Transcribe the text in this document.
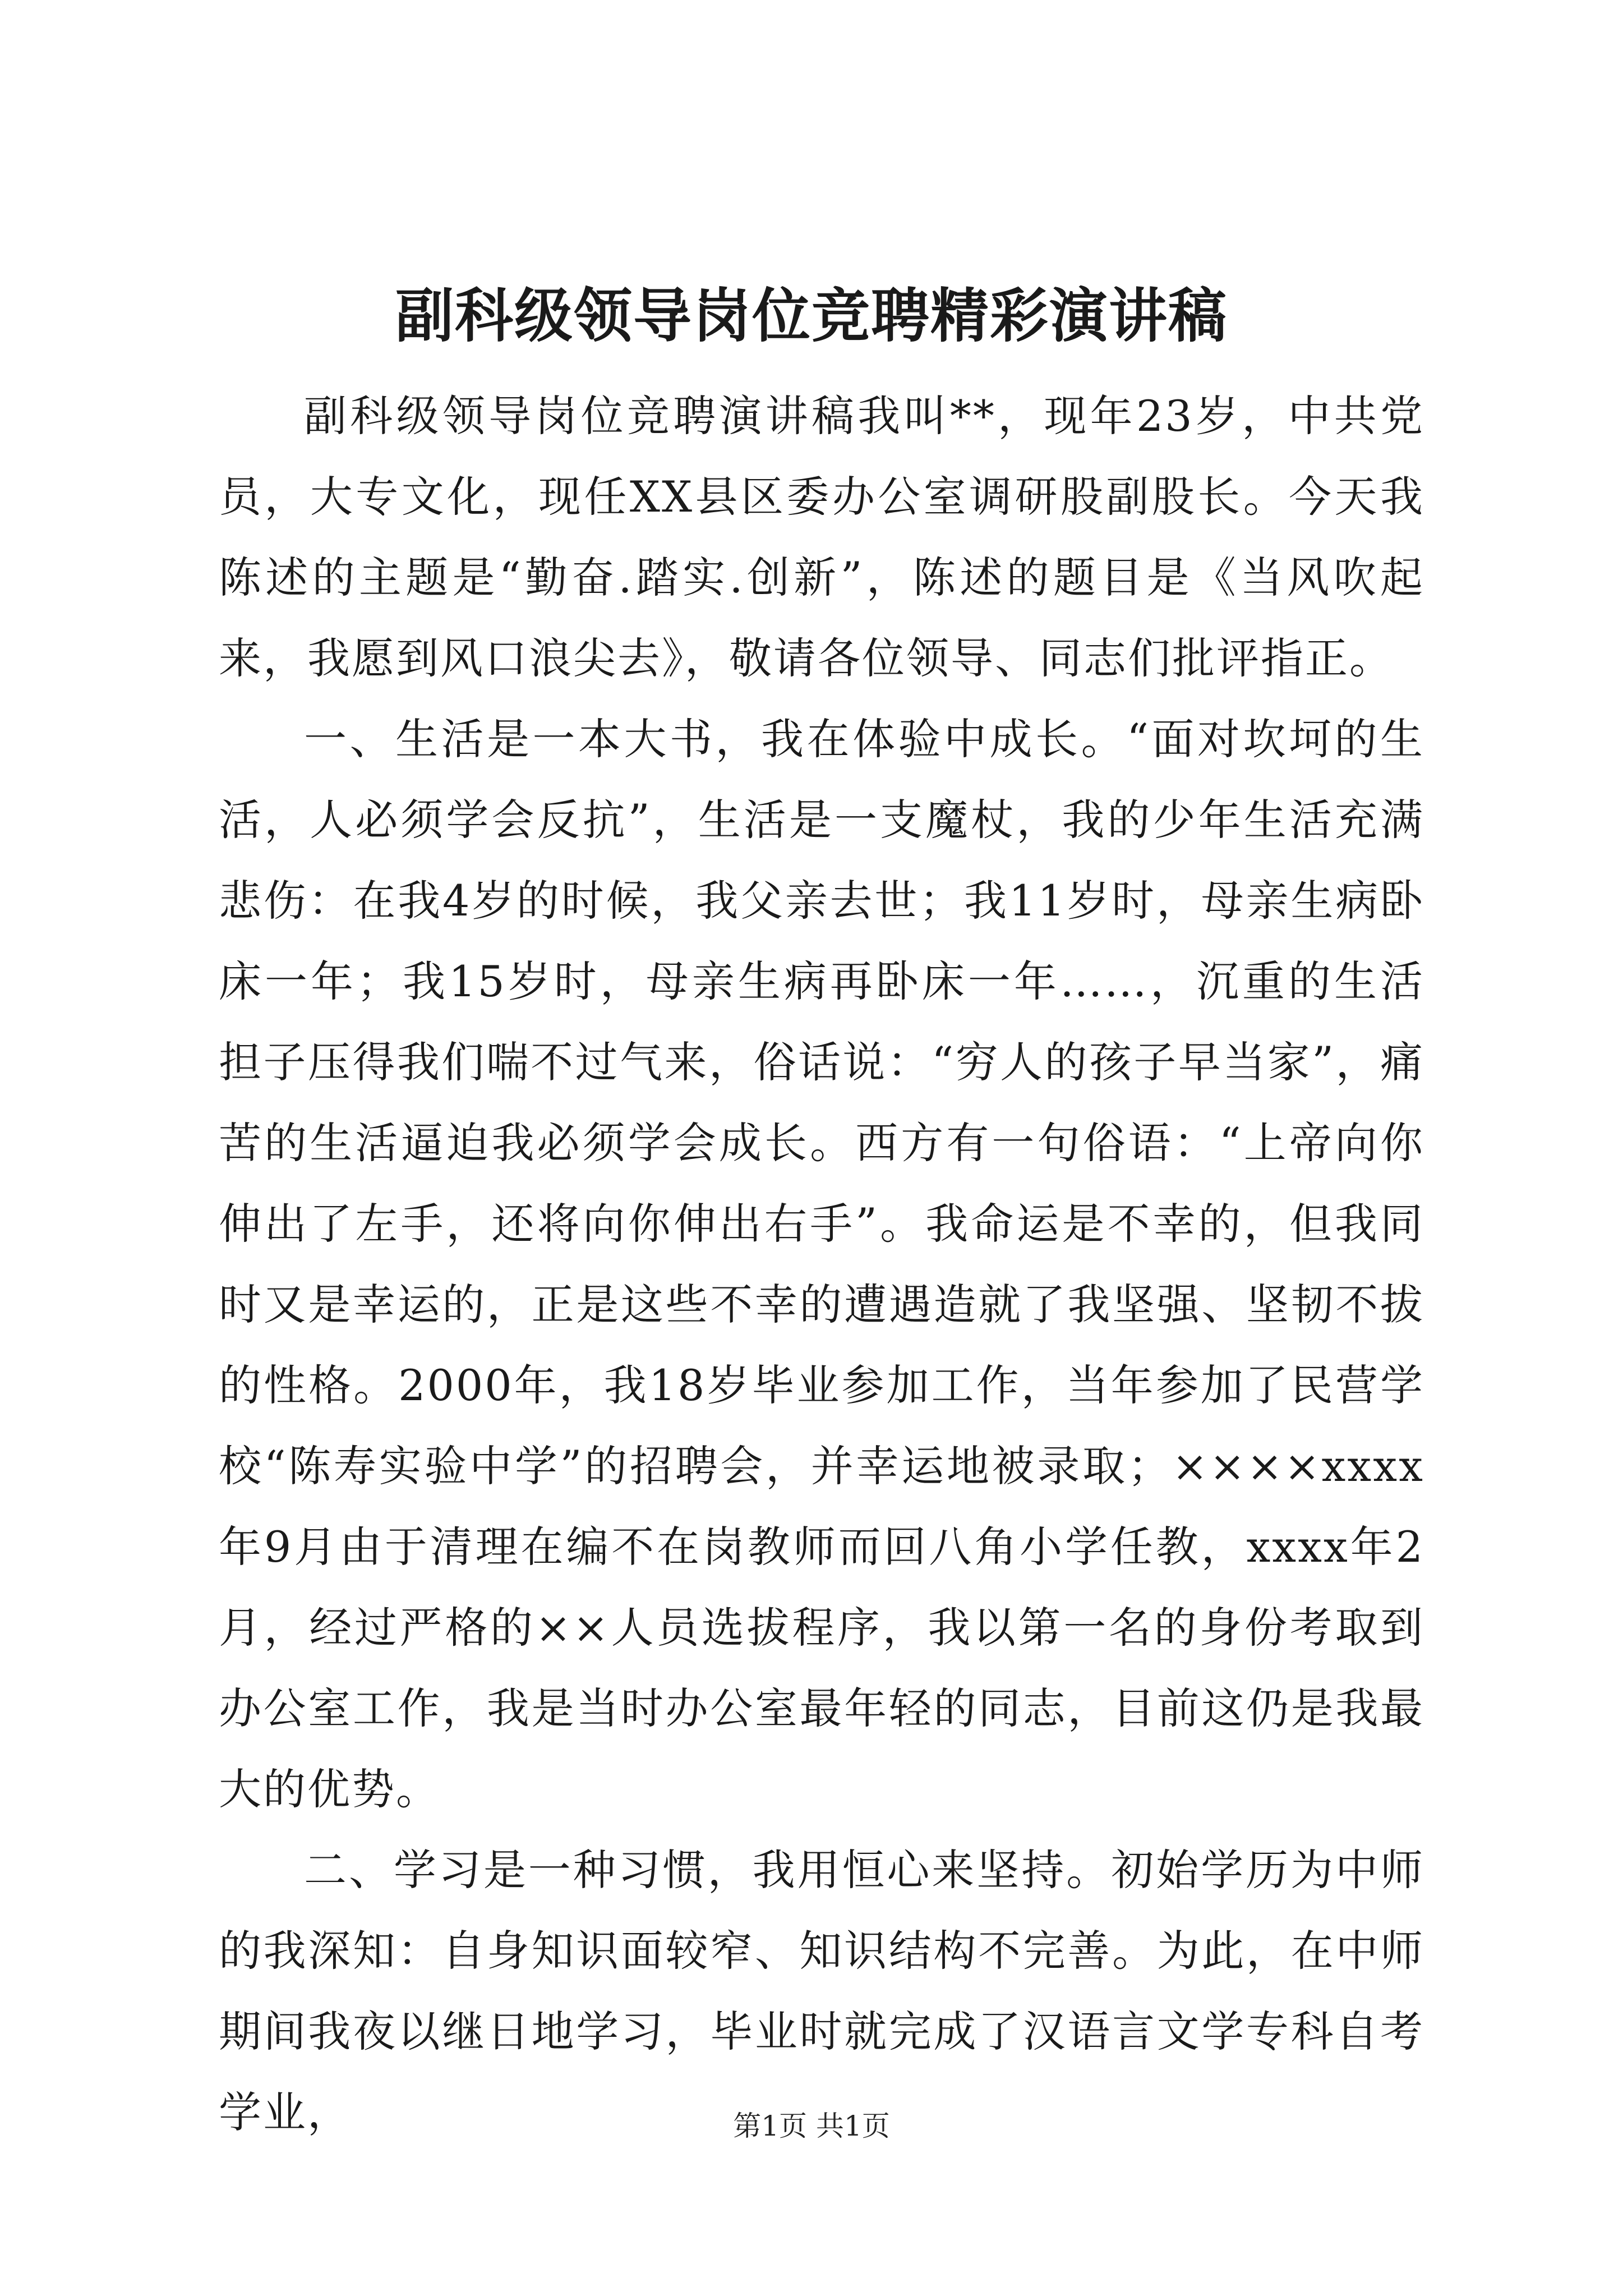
副科级领导岗位竞聘精彩演讲稿

副科级领导岗位竞聘演讲稿我叫**，现年23岁，中共党员，大专文化，现任XX县区委办公室调研股副股长。今天我陈述的主题是“勤奋.踏实.创新”，陈述的题目是《当风吹起来，我愿到风口浪尖去》，敬请各位领导、同志们批评指正。

一、生活是一本大书，我在体验中成长。“面对坎坷的生活，人必须学会反抗”，生活是一支魔杖，我的少年生活充满悲伤：在我4岁的时候，我父亲去世；我11岁时，母亲生病卧床一年；我15岁时，母亲生病再卧床一年……，沉重的生活担子压得我们喘不过气来，俗话说：“穷人的孩子早当家”，痛苦的生活逼迫我必须学会成长。西方有一句俗语：“上帝向你伸出了左手，还将向你伸出右手”。我命运是不幸的，但我同时又是幸运的，正是这些不幸的遭遇造就了我坚强、坚韧不拔的性格。2000年，我18岁毕业参加工作，当年参加了民营学校“陈寿实验中学”的招聘会，并幸运地被录取；××××xxxx年9月由于清理在编不在岗教师而回八角小学任教，xxxx年2月，经过严格的××人员选拔程序，我以第一名的身份考取到办公室工作，我是当时办公室最年轻的同志，目前这仍是我最大的优势。

二、学习是一种习惯，我用恒心来坚持。初始学历为中师的我深知：自身知识面较窄、知识结构不完善。为此，在中师期间我夜以继日地学习，毕业时就完成了汉语言文学专科自考学业，	第1页 共1页
